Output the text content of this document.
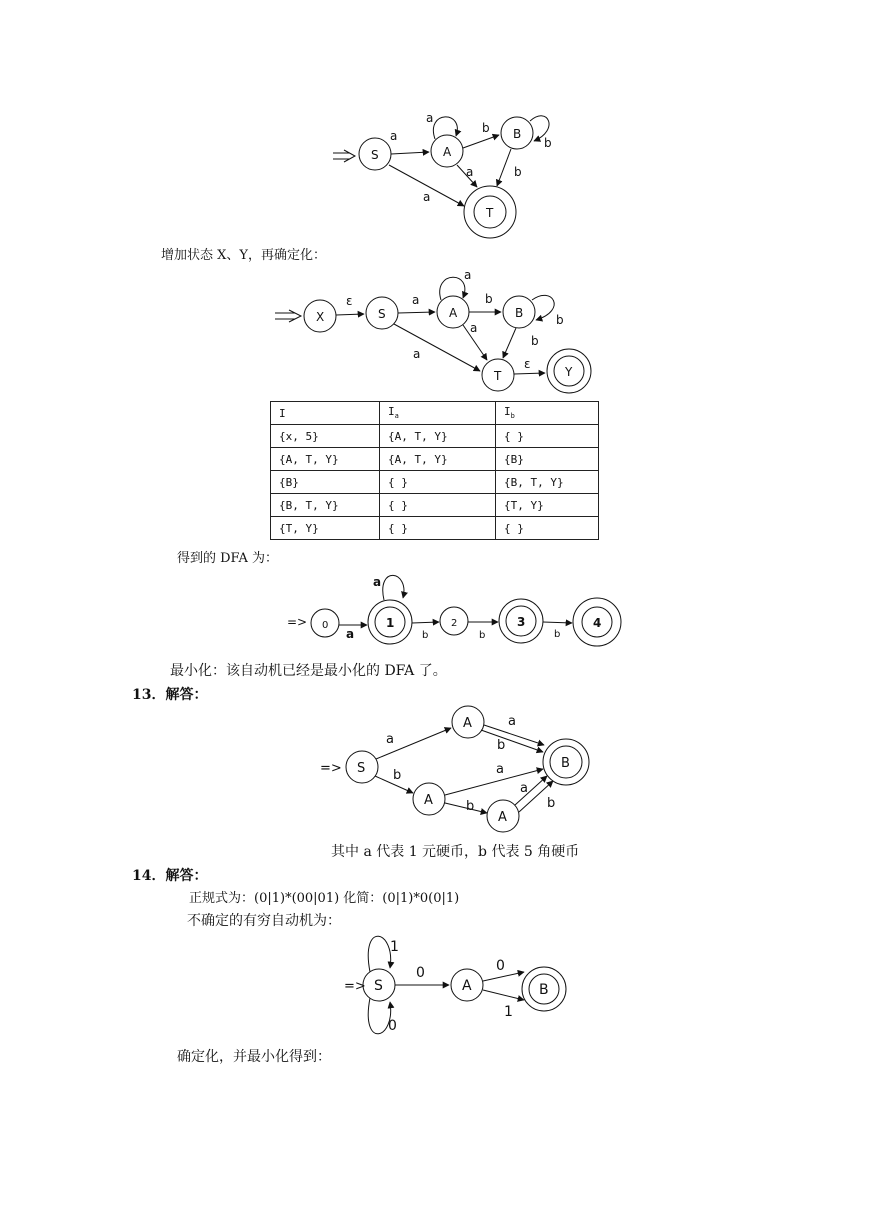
S	A
B
T
a
a
b
b
a	b
a
X	S	A	B
T	Y
ε	a
a
b
b
a
b
a
ε
=> 0	1	2	3	4
a
a	b	b	b
=> S
A
A
A
B
a
a
b
b	a
b
a
b
=> S	A	B
1
0
0	0
1
增加状态 X、Y，再确定化：
I	$I_a$	$I_b$
{x, 5}	{A, T, Y}	{ }
{A, T, Y}	{A, T, Y}	{B}
{B}	{ }	{B, T, Y}
{B, T, Y}	{ }	{T, Y}
{T, Y}	{ }	{ }
得到的 DFA 为：
最小化：该自动机已经是最小化的 DFA 了。
13．解答：
其中 a 代表 1 元硬币，b 代表 5 角硬币
14．解答：
正规式为：(0|1)*(00|01) 化简：(0|1)*0(0|1)
不确定的有穷自动机为：
确定化，并最小化得到：
